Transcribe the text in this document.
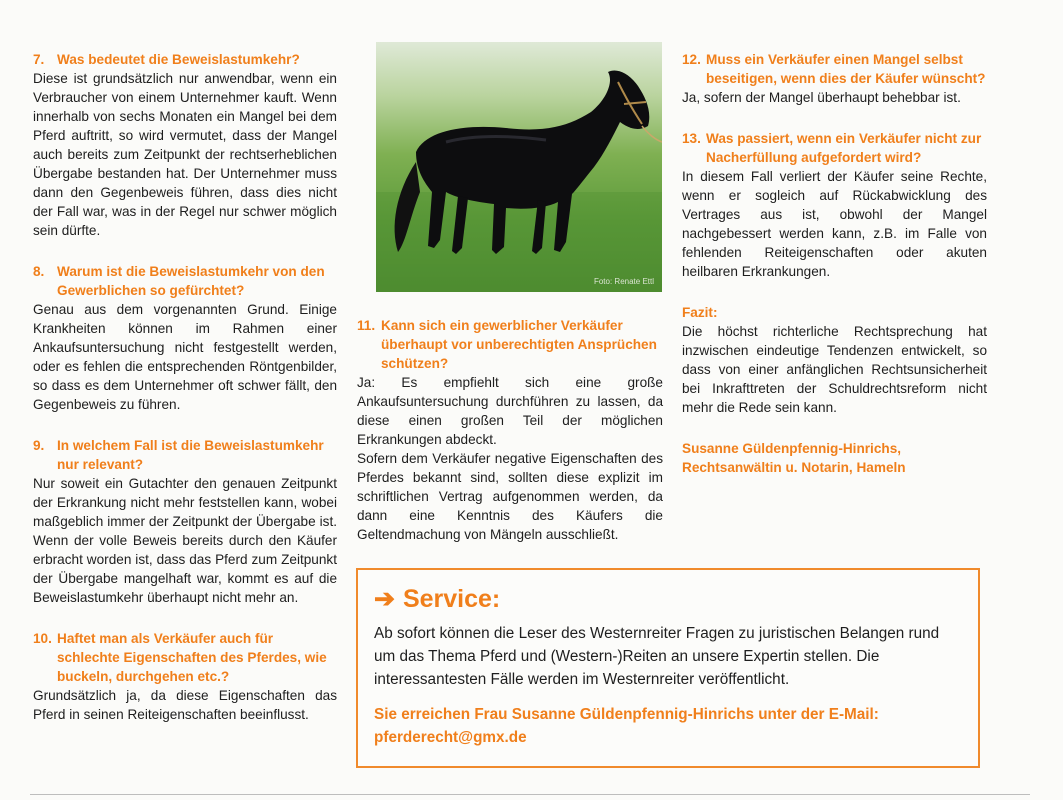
7. Was bedeutet die Beweislastumkehr?

Diese ist grundsätzlich nur anwendbar, wenn ein Verbraucher von einem Unternehmer kauft. Wenn innerhalb von sechs Monaten ein Mangel bei dem Pferd auftritt, so wird vermutet, dass der Mangel auch bereits zum Zeitpunkt der rechtserheblichen Übergabe bestanden hat. Der Unternehmer muss dann den Gegenbeweis führen, dass dies nicht der Fall war, was in der Regel nur schwer möglich sein dürfte.

8. Warum ist die Beweislastumkehr von den Gewerblichen so gefürchtet?

Genau aus dem vorgenannten Grund. Einige Krankheiten können im Rahmen einer Ankaufsuntersuchung nicht festgestellt werden, oder es fehlen die entsprechenden Röntgenbilder, so dass es dem Unternehmer oft schwer fällt, den Gegenbeweis zu führen.

9. In welchem Fall ist die Beweislastumkehr nur relevant?

Nur soweit ein Gutachter den genauen Zeitpunkt der Erkrankung nicht mehr feststellen kann, wobei maßgeblich immer der Zeitpunkt der Übergabe ist. Wenn der volle Beweis bereits durch den Käufer erbracht worden ist, dass das Pferd zum Zeitpunkt der Übergabe mangelhaft war, kommt es auf die Beweislastumkehr überhaupt nicht mehr an.

10. Haftet man als Verkäufer auch für schlechte Eigenschaften des Pferdes, wie buckeln, durchgehen etc.?

Grundsätzlich ja, da diese Eigenschaften das Pferd in seinen Reiteigenschaften beeinflusst.

Foto: Renate Ettl

11. Kann sich ein gewerblicher Verkäufer überhaupt vor unberechtigten Ansprüchen schützen?

Ja: Es empfiehlt sich eine große Ankaufsuntersuchung durchführen zu lassen, da diese einen großen Teil der möglichen Erkrankungen abdeckt.

Sofern dem Verkäufer negative Eigenschaften des Pferdes bekannt sind, sollten diese explizit im schriftlichen Vertrag aufgenommen werden, da dann eine Kenntnis des Käufers die Geltendmachung von Mängeln ausschließt.

12. Muss ein Verkäufer einen Mangel selbst beseitigen, wenn dies der Käufer wünscht?

Ja, sofern der Mangel überhaupt behebbar ist.

13. Was passiert, wenn ein Verkäufer nicht zur Nacherfüllung aufgefordert wird?

In diesem Fall verliert der Käufer seine Rechte, wenn er sogleich auf Rückabwicklung des Vertrages aus ist, obwohl der Mangel nachgebessert werden kann, z.B. im Falle von fehlenden Reiteigenschaften oder akuten heilbaren Erkrankungen.

Fazit:

Die höchst richterliche Rechtsprechung hat inzwischen eindeutige Tendenzen entwickelt, so dass von einer anfänglichen Rechtsunsicherheit bei Inkrafttreten der Schuldrechtsreform nicht mehr die Rede sein kann.

Susanne Güldenpfennig-Hinrichs,

Rechtsanwältin u. Notarin, Hameln

➔ Service:

Ab sofort können die Leser des Westernreiter Fragen zu juristischen Belangen rund um das Thema Pferd und (Western-)Reiten an unsere Expertin stellen. Die interessantesten Fälle werden im Westernreiter veröffentlicht.

Sie erreichen Frau Susanne Güldenpfennig-Hinrichs unter der E-Mail: pferderecht@gmx.de
